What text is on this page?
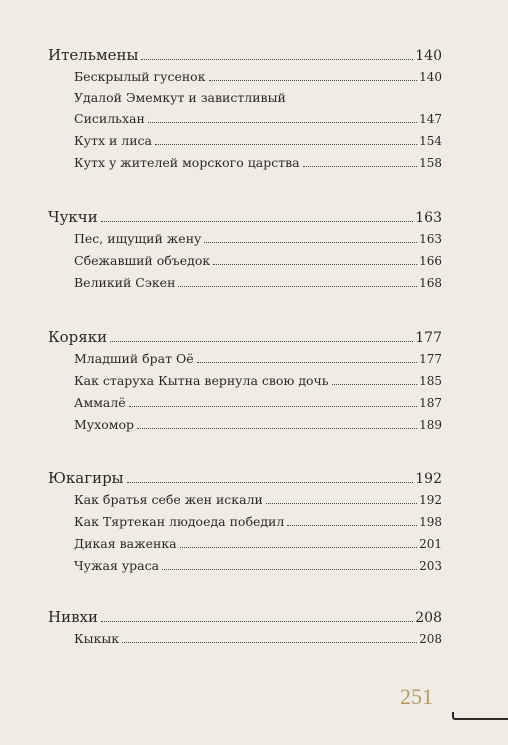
Ительмены	140
Бескрылый гусенок	140
Удалой Эмемкут и завистливый
Сисильхан	147
Кутх и лиса	154
Кутх у жителей морского царства	158
Чукчи	163
Пес, ищущий жену	163
Сбежавший объедок	166
Великий Сэкен	168
Коряки	177
Младший брат Оё	177
Как старуха Кытна вернула свою дочь	185
Аммалё	187
Мухомор	189
Юкагиры	192
Как братья себе жен искали	192
Как Тяртекан людоеда победил	198
Дикая важенка	201
Чужая ураса	203
Нивхи	208
Кыкык	208
251
